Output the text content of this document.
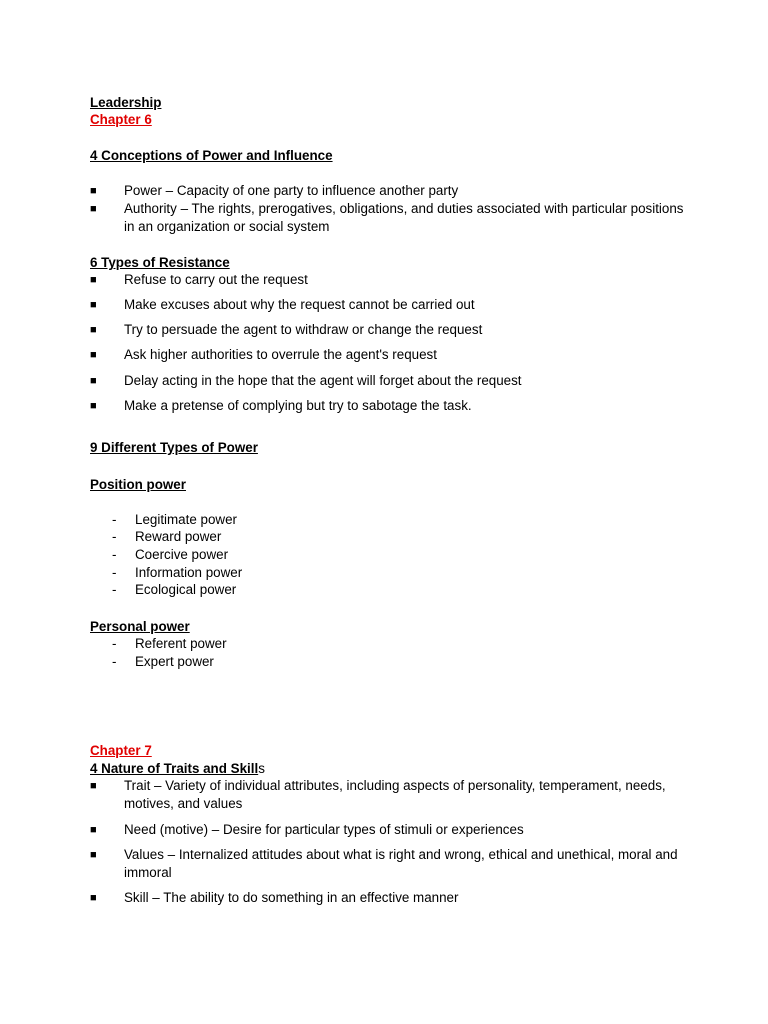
Leadership
Chapter 6
4 Conceptions of Power and Influence
■ Power – Capacity of one party to influence another party
■ Authority – The rights, prerogatives, obligations, and duties associated with particular positions in an organization or social system
6 Types of Resistance
■ Refuse to carry out the request
■ Make excuses about why the request cannot be carried out
■ Try to persuade the agent to withdraw or change the request
■ Ask higher authorities to overrule the agent's request
■ Delay acting in the hope that the agent will forget about the request
■ Make a pretense of complying but try to sabotage the task.
9 Different Types of Power
Position power
- Legitimate power
- Reward power
- Coercive power
- Information power
- Ecological power
Personal power
- Referent power
- Expert power
Chapter 7
4 Nature of Traits and Skills
■ Trait – Variety of individual attributes, including aspects of personality, temperament, needs, motives, and values
■ Need (motive) – Desire for particular types of stimuli or experiences
■ Values – Internalized attitudes about what is right and wrong, ethical and unethical, moral and immoral
■ Skill – The ability to do something in an effective manner
